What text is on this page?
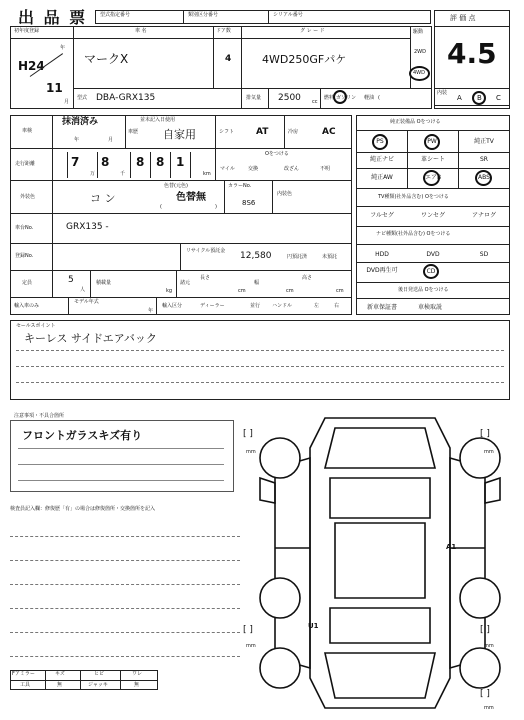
出 品 票	型式指定番号	類別区分番号	シリアル番号	評 価 点
4.5
初年度登録
H24
年
11
月
車 名
マークX
ドア数
4
グ レ ー ド
4WD250GFパケ
駆動
2WD
4WD
型式 DBA-GRX135	排気量 2500 cc
燃料 ガソリン 軽油 (
内装
A B C
車検
抹消済み
年	月
車歴
並未記入日使用
自家用	シフト AT	冷房	AC
走行距離	7
万
8
千
8 8 1
km
Oをつける
マイル	交換	改ざん	不明
外装色	コ ン
色替(元色)
色替無
(	)
カラーNo.
8S6
内装色
車台No.	GRX135 -
登録No.
リサイクル預託金 12,580	円預託済	未預託
定員	5
人
積載量
kg
諸元
長さ
cm
幅
cm
高さ
cm
輸入車のみ
モデル年式
年
輸入区分	ディーラー	並行 ハンドル	左	右
純正装備品 Oをつける
PS	PW	純正TV
純正ナビ	革シート	SR
純正AW	エアB	ABS
TV種類(社外品含む) Oをつける
フルセグ	ワンセグ	アナログ
ナビ種類(社外品含む) Oをつける
HDD	DVD	SD
DVD再生可	CD
後日発送品 Oをつける
新車保証書	車検取説
セールスポイント
キーレス サイドエアバック
注意事項・不具合箇所
フロントガラスキズ有り
検査員記入欄：修復歴「有」の場合は修復箇所・交換箇所を記入
Fアミラー	キズ	ヒビ	ワレ
工具	無	ジャッキ	無
A1
U1
[ ]
mm
[ ]
mm
[ ]
mm
[ ]
mm
[ ]
mm
